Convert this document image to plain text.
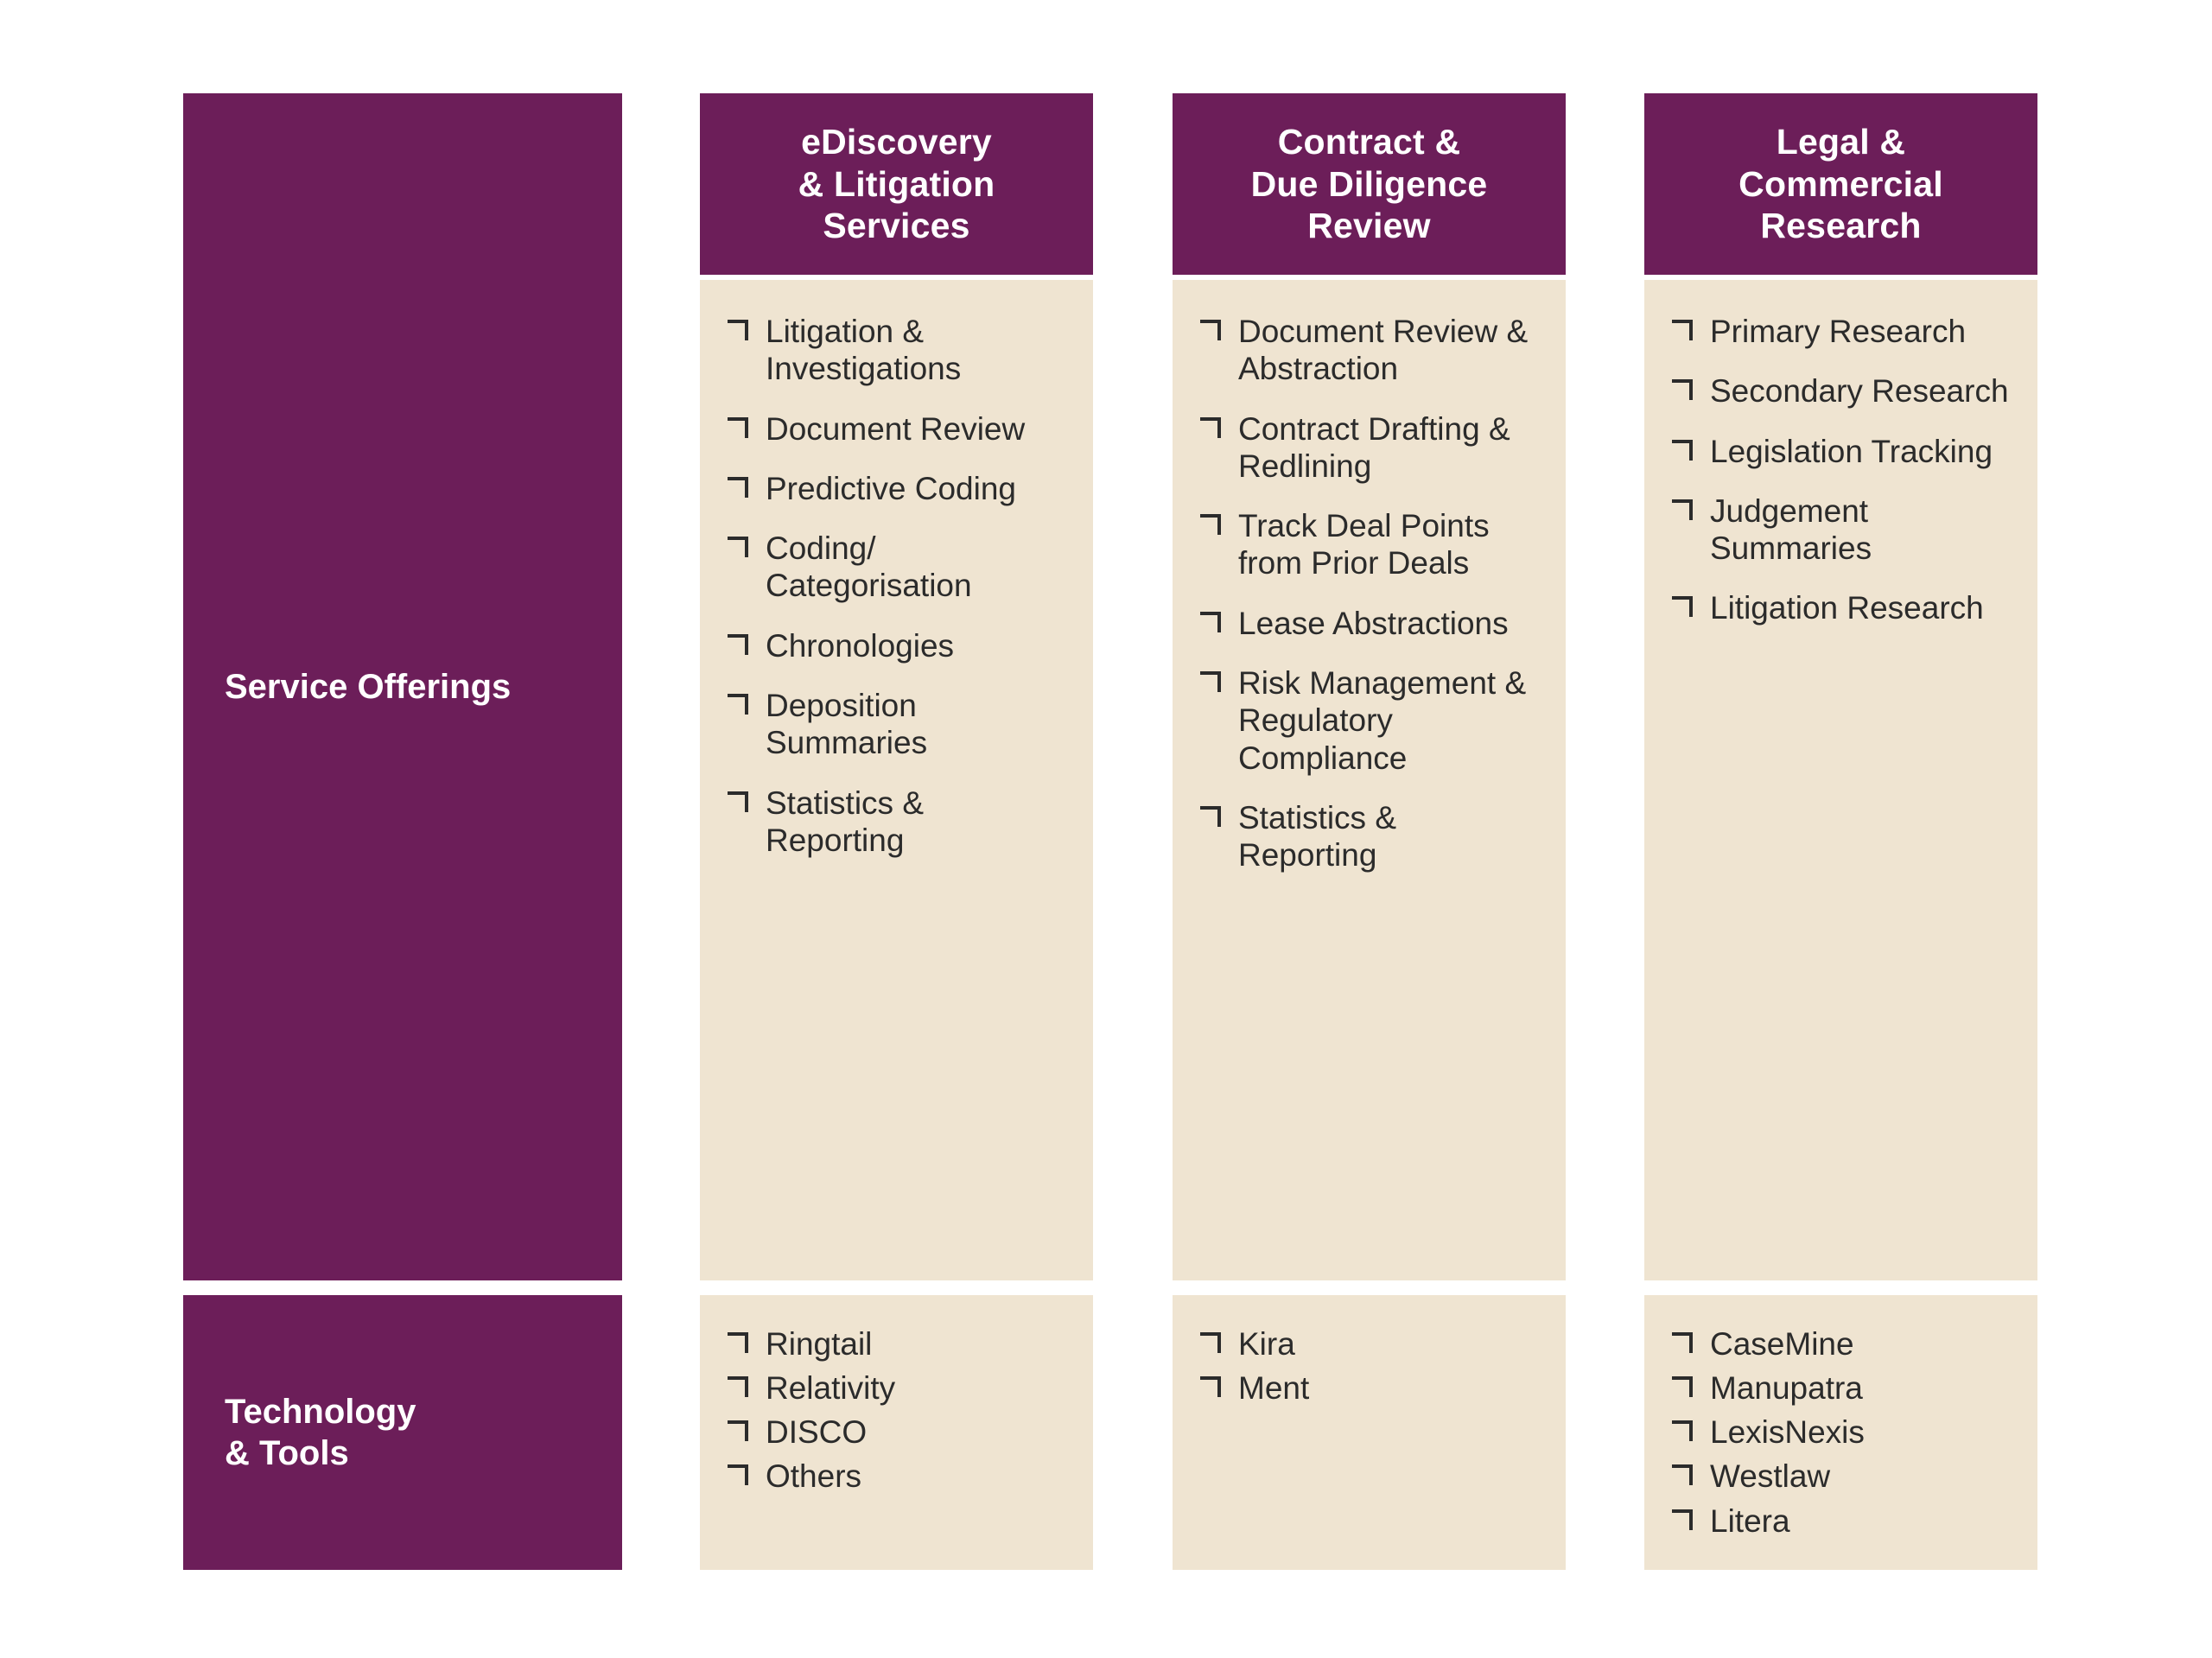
Service Offerings
Technology
& Tools
eDiscovery
& Litigation
Services
Litigation & Investigations
Document Review
Predictive Coding
Coding/ Categorisation
Chronologies
Deposition Summaries
Statistics & Reporting
Ringtail
Relativity
DISCO
Others
Contract &
Due Diligence
Review
Document Review & Abstraction
Contract Drafting & Redlining
Track Deal Points from Prior Deals
Lease Abstractions
Risk Management & Regulatory Compliance
Statistics & Reporting
Kira
Ment
Legal &
Commercial
Research
Primary Research
Secondary Research
Legislation Tracking
Judgement Summaries
Litigation Research
CaseMine
Manupatra
LexisNexis
Westlaw
Litera
